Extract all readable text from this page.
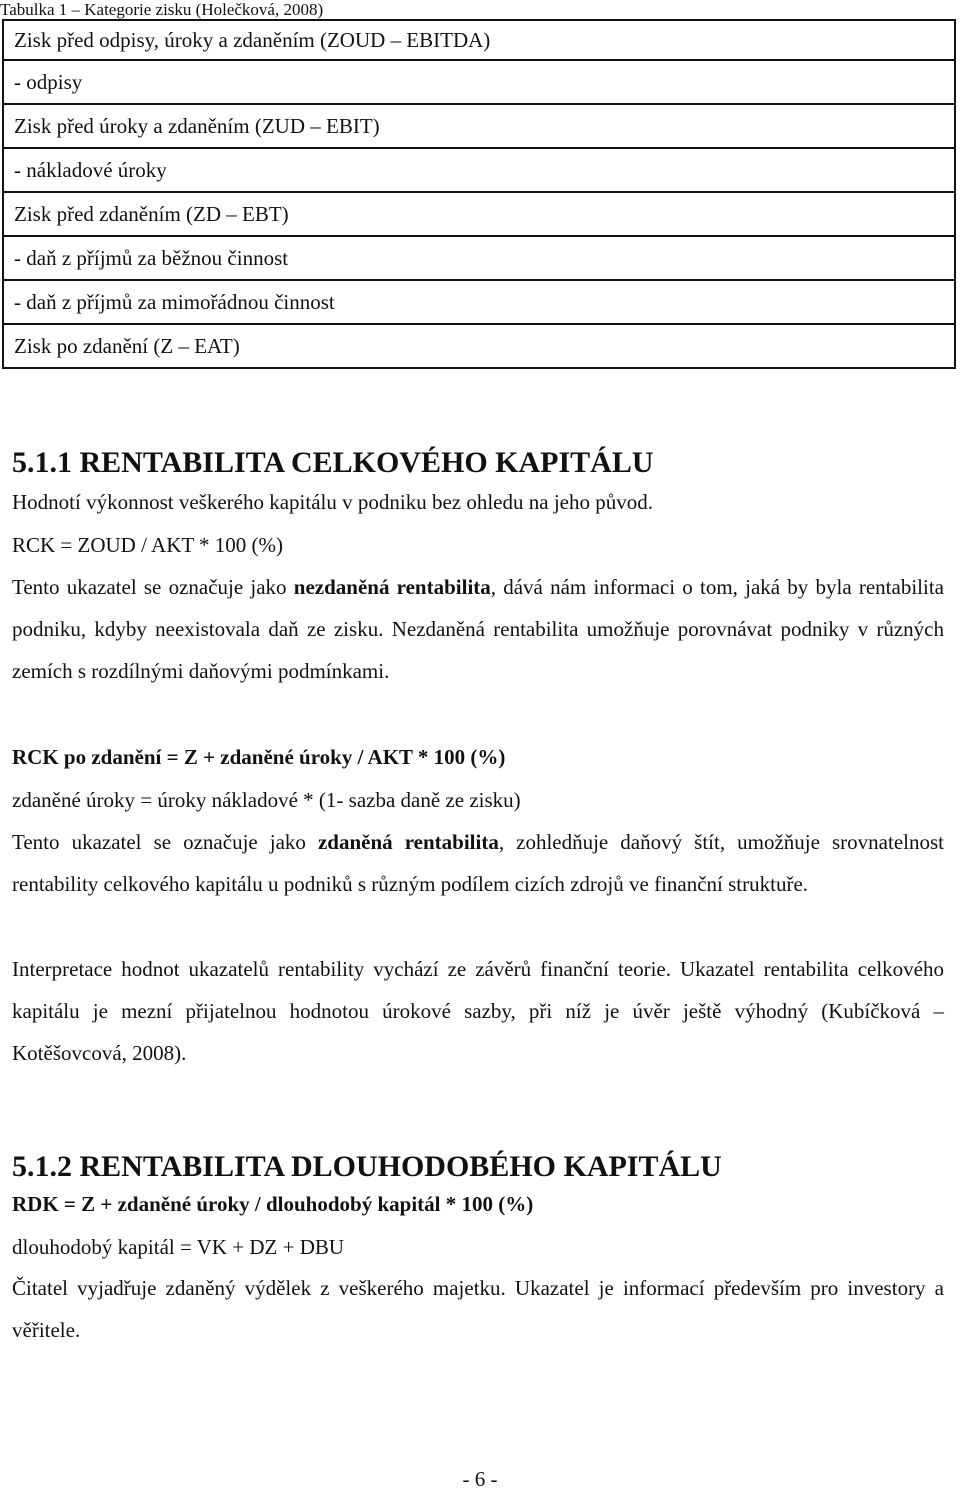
Tabulka 1 – Kategorie zisku (Holečková, 2008)
Zisk před odpisy, úroky a zdaněním (ZOUD – EBITDA)
- odpisy
Zisk před úroky a zdaněním (ZUD – EBIT)
- nákladové úroky
Zisk před zdaněním (ZD – EBT)
- daň z příjmů za běžnou činnost
- daň z příjmů za mimořádnou činnost
Zisk po zdanění (Z – EAT)
5.1.1 RENTABILITA CELKOVÉHO KAPITÁLU
Hodnotí výkonnost veškerého kapitálu v podniku bez ohledu na jeho původ.
RCK = ZOUD / AKT * 100 (%)
Tento ukazatel se označuje jako nezdaněná rentabilita, dává nám informaci o tom, jaká by byla rentabilita podniku, kdyby neexistovala daň ze zisku. Nezdaněná rentabilita umožňuje porovnávat podniky v různých zemích s rozdílnými daňovými podmínkami.
RCK po zdanění = Z + zdaněné úroky / AKT * 100 (%)
zdaněné úroky = úroky nákladové * (1- sazba daně ze zisku)
Tento ukazatel se označuje jako zdaněná rentabilita, zohledňuje daňový štít, umožňuje srovnatelnost rentability celkového kapitálu u podniků s různým podílem cizích zdrojů ve finanční struktuře.
Interpretace hodnot ukazatelů rentability vychází ze závěrů finanční teorie. Ukazatel rentabilita celkového kapitálu je mezní přijatelnou hodnotou úrokové sazby, při níž je úvěr ještě výhodný (Kubíčková – Kotěšovcová, 2008).
5.1.2 RENTABILITA DLOUHODOBÉHO KAPITÁLU
RDK = Z + zdaněné úroky / dlouhodobý kapitál * 100 (%)
dlouhodobý kapitál = VK + DZ + DBU
Čitatel vyjadřuje zdaněný výdělek z veškerého majetku. Ukazatel je informací především pro investory a věřitele.
- 6 -
